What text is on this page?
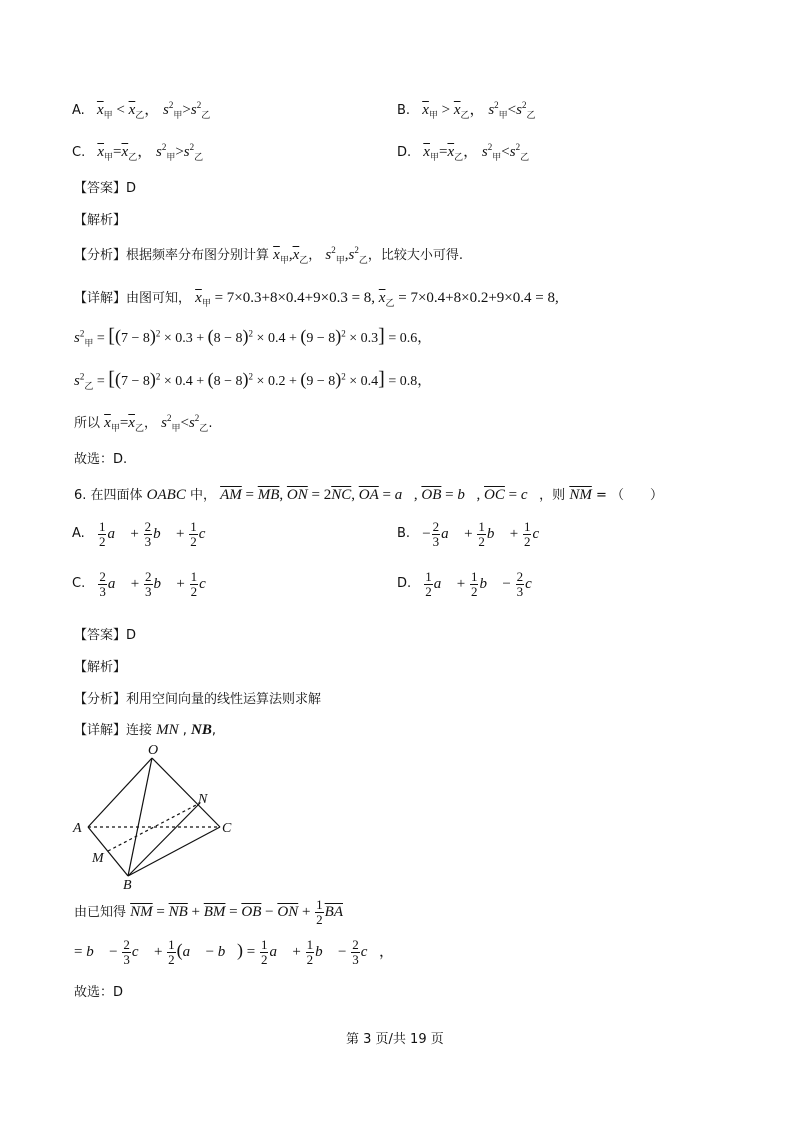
A. $\overline{x}_甲 < \overline{x}_乙$， $s^2_甲>s^2_乙$	B. $\overline{x}_甲 > \overline{x}_乙$， $s^2_甲<s^2_乙$
C. $\overline{x}_甲=\overline{x}_乙$， $s^2_甲>s^2_乙$	D. $\overline{x}_甲=\overline{x}_乙$， $s^2_甲<s^2_乙$
【答案】D
【解析】
【分析】根据频率分布图分别计算 $\overline{x}_甲,\overline{x}_乙$， $s^2_甲,s^2_乙$，比较大小可得.
【详解】由图可知， $\overline{x}_甲 = 7\times 0.3+8\times 0.4+9\times 0.3 = 8$, $\overline{x}_乙 = 7\times 0.4+8\times 0.2+9\times 0.4 = 8$,
$s^2_甲 = [(7 - 8)^2 \times 0.3 + (8 - 8)^2 \times 0.4 + (9 - 8)^2 \times 0.3] = 0.6$，
$s^2_乙 = [(7 - 8)^2 \times 0.4 + (8 - 8)^2 \times 0.2 + (9 - 8)^2 \times 0.4] = 0.8$，
所以 $\overline{x}_甲=\overline{x}_乙$， $s^2_甲<s^2_乙$.
故选：D.
6. 在四面体 OABC 中， $\overline{AM} = \overline{MB}$, $\overline{ON} = 2\overline{NC}$, $\overline{OA}$ = a⃗, $\overline{OB}$ = b⃗, $\overline{OC}$ = c⃗，则 $\overline{NM}$ = （　　）
A. $\frac{1}{2}$ a⃗ + $\frac{2}{3}$ b⃗ + $\frac{1}{2}$ c⃗	B. − $\frac{2}{3}$ a⃗ + $\frac{1}{2}$ b⃗ + $\frac{1}{2}$ c⃗
C. $\frac{2}{3}$ a⃗ + $\frac{2}{3}$ b⃗ + $\frac{1}{2}$ c⃗	D. $\frac{1}{2}$ a⃗ + $\frac{1}{2}$ b⃗ − $\frac{2}{3}$ c⃗
【答案】D
【解析】
【分析】利用空间向量的线性运算法则求解
【详解】连接 MN , NB,
O
A
B
C
M
N
由已知得 $\overline{NM} = \overline{NB} + \overline{BM} = \overline{OB} - \overline{ON} + \frac{1}{2} \overline{BA}$
= b⃗ − $\frac{2}{3}$ c⃗ + $\frac{1}{2}$ (a⃗ − b⃗) = $\frac{1}{2}$ a⃗ + $\frac{1}{2}$ b⃗ − $\frac{2}{3}$ c⃗，
故选：D
第 3 页/共 19 页
